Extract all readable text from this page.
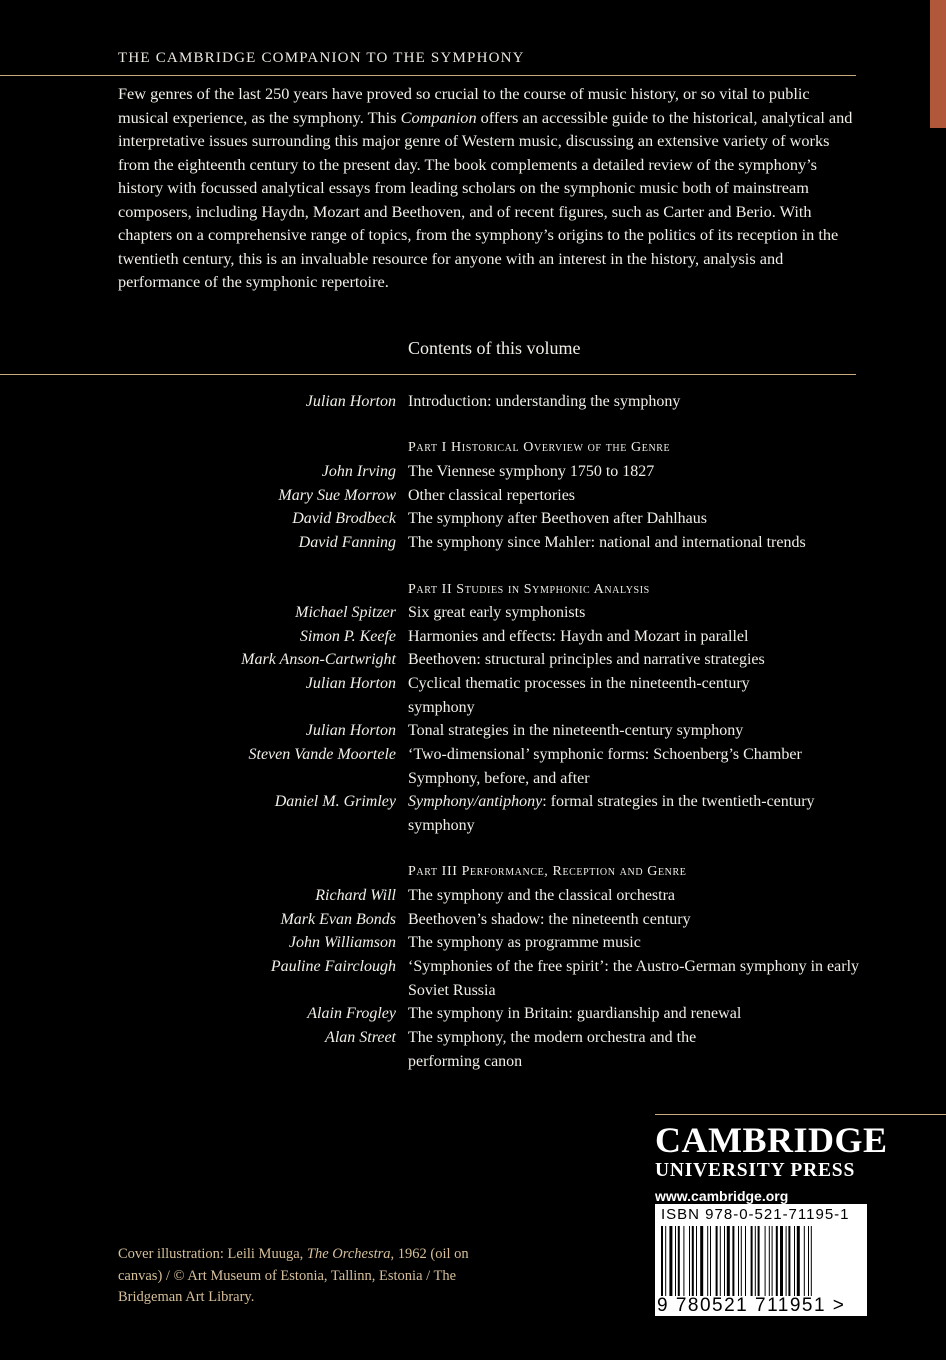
THE CAMBRIDGE COMPANION TO THE SYMPHONY

Few genres of the last 250 years have proved so crucial to the course of music history, or so vital to public musical experience, as the symphony. This Companion offers an accessible guide to the historical, analytical and interpretative issues surrounding this major genre of Western music, discussing an extensive variety of works from the eighteenth century to the present day. The book complements a detailed review of the symphony’s history with focussed analytical essays from leading scholars on the symphonic music both of mainstream composers, including Haydn, Mozart and Beethoven, and of recent figures, such as Carter and Berio. With chapters on a comprehensive range of topics, from the symphony’s origins to the politics of its reception in the twentieth century, this is an invaluable resource for anyone with an interest in the history, analysis and performance of the symphonic repertoire.

Contents of this volume
Julian Horton Introduction: understanding the symphony
Part I Historical Overview of the Genre
John Irving The Viennese symphony 1750 to 1827
Mary Sue Morrow Other classical repertories
David Brodbeck The symphony after Beethoven after Dahlhaus
David Fanning The symphony since Mahler: national and international trends
Part II Studies in Symphonic Analysis
Michael Spitzer Six great early symphonists
Simon P. Keefe Harmonies and effects: Haydn and Mozart in parallel
Mark Anson-Cartwright Beethoven: structural principles and narrative strategies
Julian Horton Cyclical thematic processes in the nineteenth-century symphony
Julian Horton Tonal strategies in the nineteenth-century symphony
Steven Vande Moortele ‘Two-dimensional’ symphonic forms: Schoenberg’s Chamber Symphony, before, and after
Daniel M. Grimley Symphony/antiphony: formal strategies in the twentieth-century symphony
Part III Performance, Reception and Genre
Richard Will The symphony and the classical orchestra
Mark Evan Bonds Beethoven’s shadow: the nineteenth century
John Williamson The symphony as programme music
Pauline Fairclough ‘Symphonies of the free spirit’: the Austro-German symphony in early Soviet Russia
Alain Frogley The symphony in Britain: guardianship and renewal
Alan Street The symphony, the modern orchestra and the performing canon
CAMBRIDGE
UNIVERSITY PRESS
www.cambridge.org
ISBN 978-0-521-71195-1
9 780521 711951 >
Cover illustration: Leili Muuga, The Orchestra, 1962 (oil on canvas) / © Art Museum of Estonia, Tallinn, Estonia / The Bridgeman Art Library.
